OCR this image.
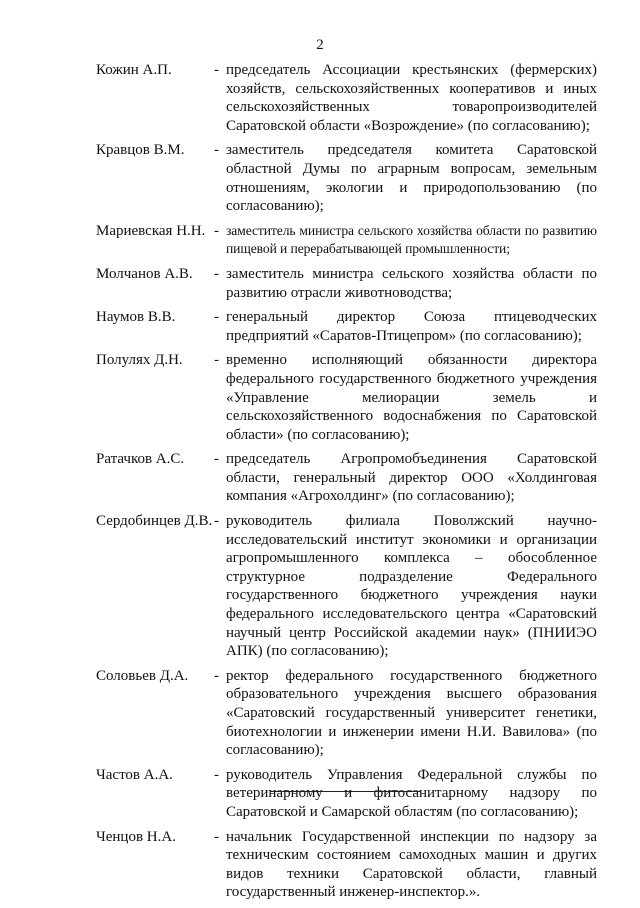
2
Кожин А.П.	- председатель Ассоциации крестьянских (фермерских) хозяйств, сельскохозяйственных кооперативов и иных сельскохозяйственных товаропроизводителей Саратовской области «Возрождение» (по согласованию);
Кравцов В.М.	- заместитель председателя комитета Саратовской областной Думы по аграрным вопросам, земельным отношениям, экологии и природопользованию (по согласованию);
Мариевская Н.Н. - заместитель министра сельского хозяйства области по развитию пищевой и перерабатывающей промышленности;
Молчанов А.В.	- заместитель министра сельского хозяйства области по развитию отрасли животноводства;
Наумов В.В.	- генеральный директор Союза птицеводческих предприятий «Саратов-Птицепром» (по согласованию);
Полулях Д.Н.	- временно исполняющий обязанности директора федерального государственного бюджетного учреждения «Управление мелиорации земель и сельскохозяйственного водоснабжения по Саратовской области» (по согласованию);
Ратачков А.С.	- председатель Агропромобъединения Саратовской области, генеральный директор ООО «Холдинговая компания «Агрохолдинг» (по согласованию);
Сердобинцев Д.В. - руководитель филиала Поволжский научно-исследовательский институт экономики и организации агропромышленного комплекса – обособленное структурное подразделение Федерального государственного бюджетного учреждения науки федерального исследовательского центра «Саратовский научный центр Российской академии наук» (ПНИИЭО АПК) (по согласованию);
Соловьев Д.А.	- ректор федерального государственного бюджетного образовательного учреждения высшего образования «Саратовский государственный университет генетики, биотехнологии и инженерии имени Н.И. Вавилова» (по согласованию);
Частов А.А.	- руководитель Управления Федеральной службы по ветеринарному и фитосанитарному надзору по Саратовской и Самарской областям (по согласованию);
Ченцов Н.А.	- начальник Государственной инспекции по надзору за техническим состоянием самоходных машин и других видов техники Саратовской области, главный государственный инженер-инспектор.».
